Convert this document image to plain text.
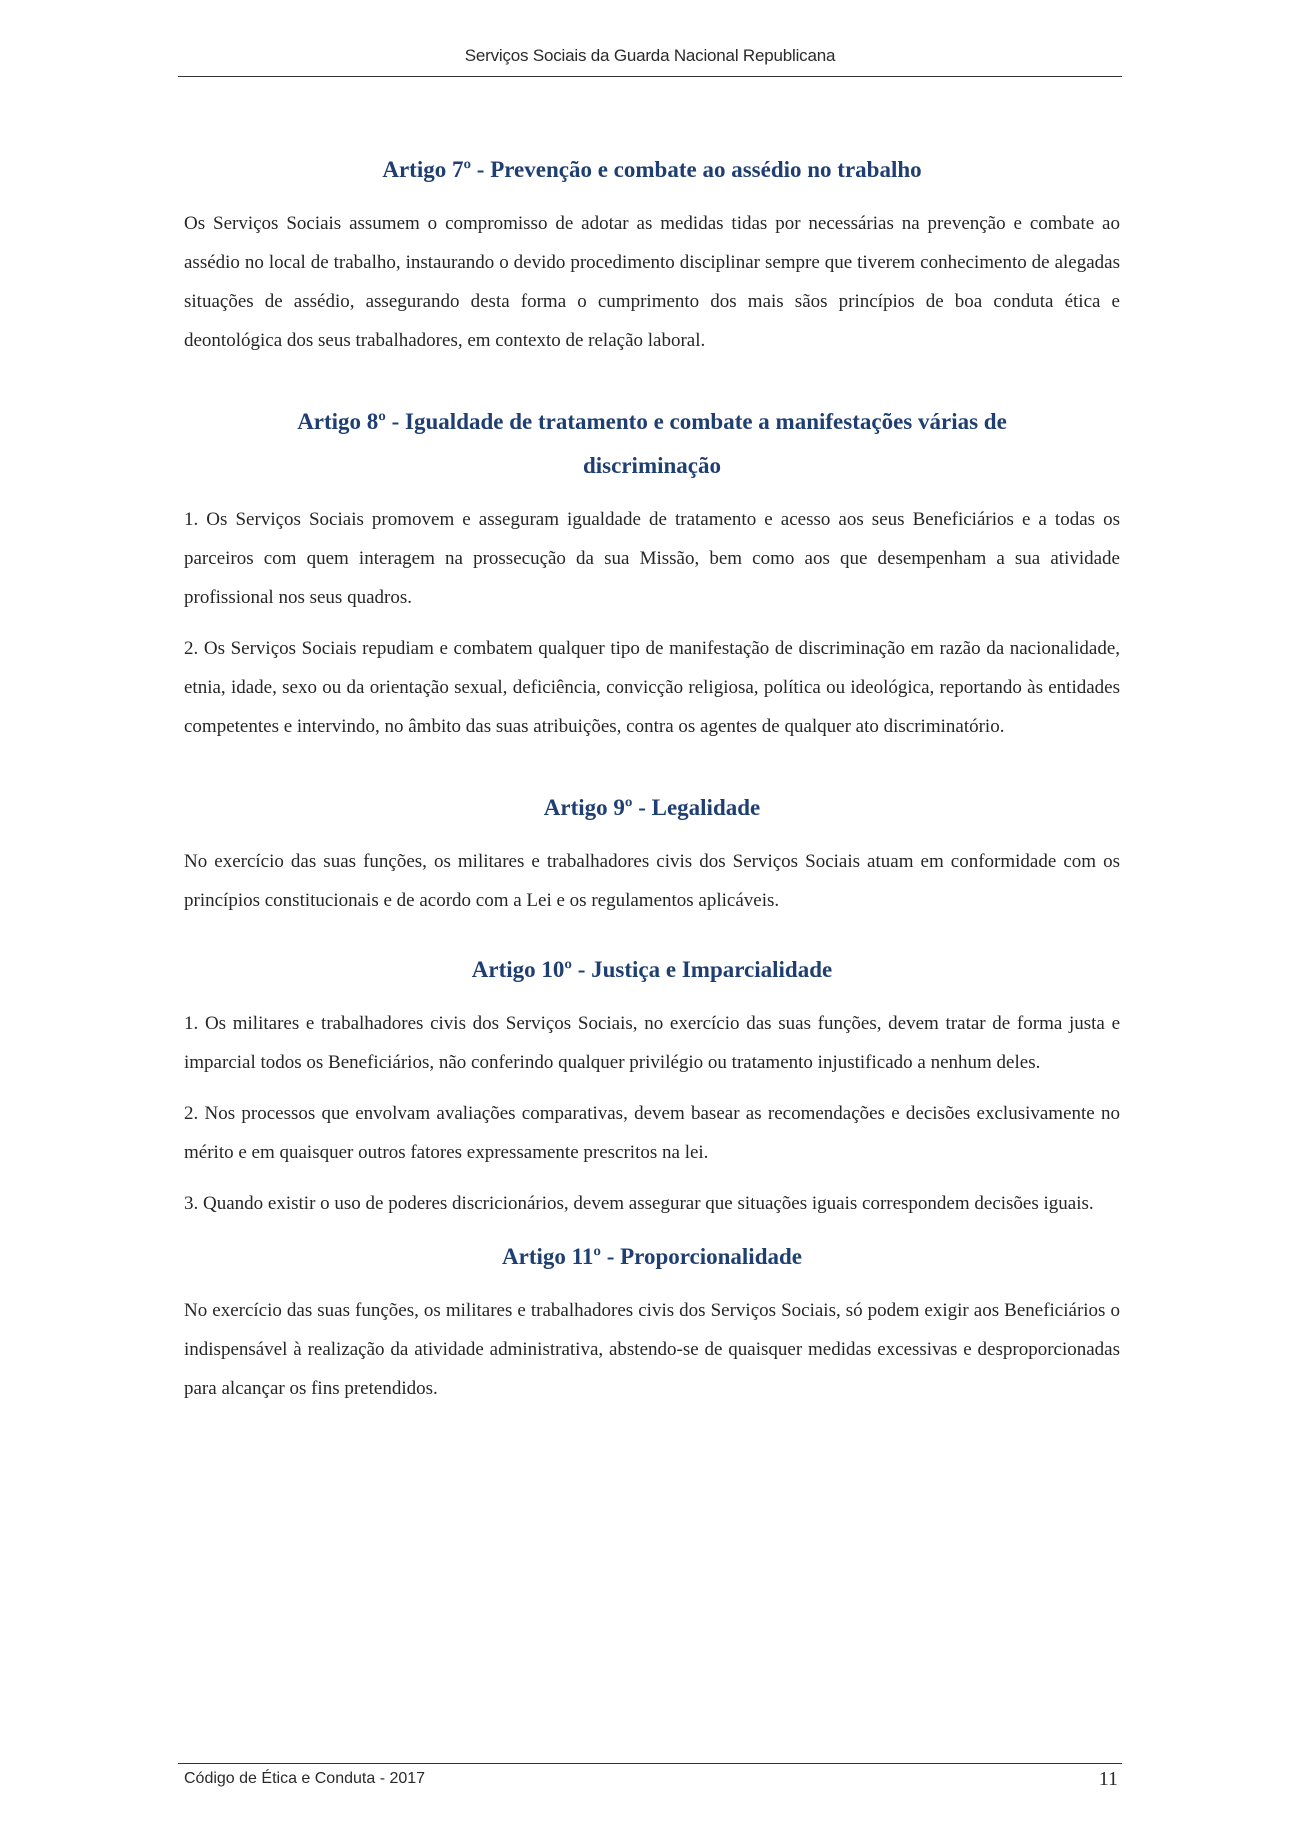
Serviços Sociais da Guarda Nacional Republicana
Artigo 7º - Prevenção e combate ao assédio no trabalho

Os Serviços Sociais assumem o compromisso de adotar as medidas tidas por necessárias na prevenção e combate ao assédio no local de trabalho, instaurando o devido procedimento disciplinar sempre que tiverem conhecimento de alegadas situações de assédio, assegurando desta forma o cumprimento dos mais sãos princípios de boa conduta ética e deontológica dos seus trabalhadores, em contexto de relação laboral.

Artigo 8º - Igualdade de tratamento e combate a manifestações várias de
discriminação

1. Os Serviços Sociais promovem e asseguram igualdade de tratamento e acesso aos seus Beneficiários e a todas os parceiros com quem interagem na prossecução da sua Missão, bem como aos que desempenham a sua atividade profissional nos seus quadros.

2. Os Serviços Sociais repudiam e combatem qualquer tipo de manifestação de discriminação em razão da nacionalidade, etnia, idade, sexo ou da orientação sexual, deficiência, convicção religiosa, política ou ideológica, reportando às entidades competentes e intervindo, no âmbito das suas atribuições, contra os agentes de qualquer ato discriminatório.

Artigo 9º - Legalidade

No exercício das suas funções, os militares e trabalhadores civis dos Serviços Sociais atuam em conformidade com os princípios constitucionais e de acordo com a Lei e os regulamentos aplicáveis.

Artigo 10º - Justiça e Imparcialidade

1. Os militares e trabalhadores civis dos Serviços Sociais, no exercício das suas funções, devem tratar de forma justa e imparcial todos os Beneficiários, não conferindo qualquer privilégio ou tratamento injustificado a nenhum deles.

2. Nos processos que envolvam avaliações comparativas, devem basear as recomendações e decisões exclusivamente no mérito e em quaisquer outros fatores expressamente prescritos na lei.

3. Quando existir o uso de poderes discricionários, devem assegurar que situações iguais correspondem decisões iguais.

Artigo 11º - Proporcionalidade

No exercício das suas funções, os militares e trabalhadores civis dos Serviços Sociais, só podem exigir aos Beneficiários o indispensável à realização da atividade administrativa, abstendo-se de quaisquer medidas excessivas e desproporcionadas para alcançar os fins pretendidos.

Código de Ética e Conduta - 2017	11
